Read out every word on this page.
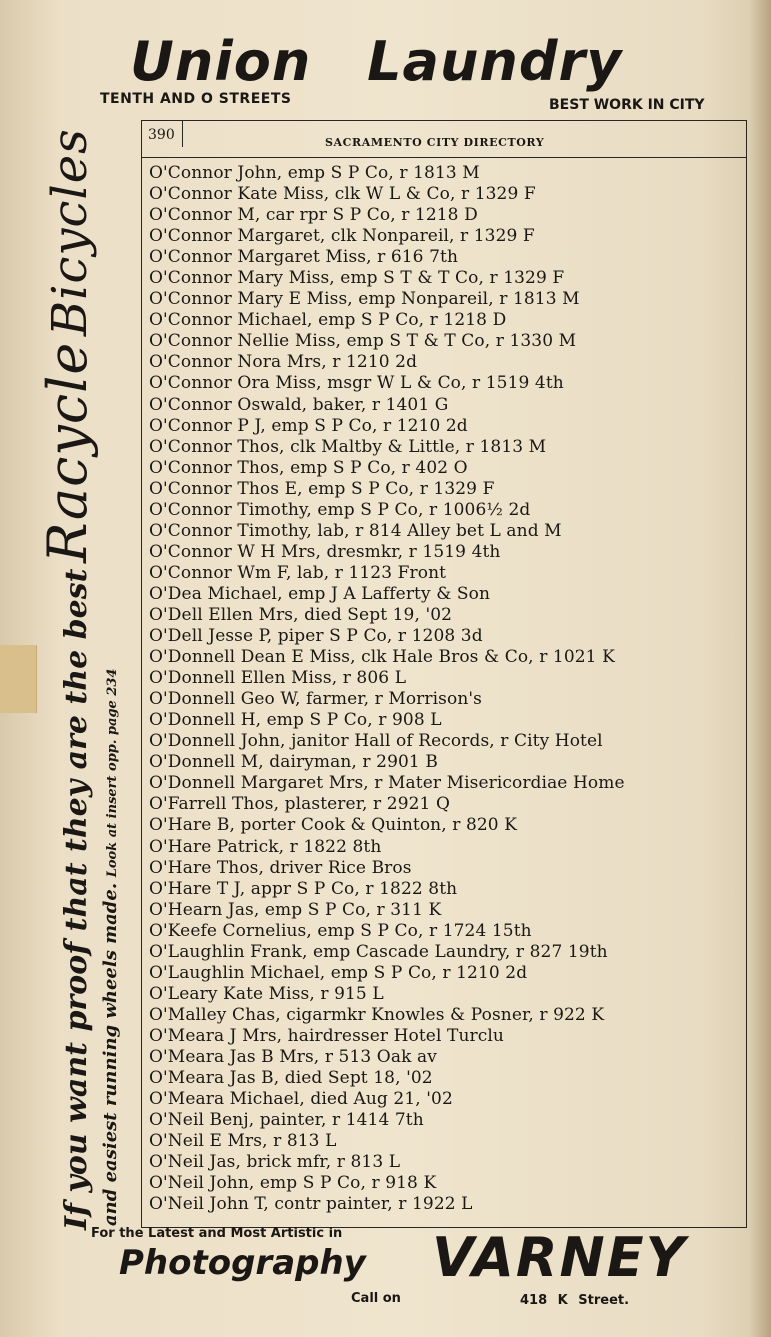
Union Laundry
TENTH AND O STREETS	BEST WORK IN CITY
If you want proof that they are the best Racycle Bicycles
and easiest running wheels made. Look at insert opp. page 234
390	SACRAMENTO CITY DIRECTORY
O'Connor John, emp S P Co, r 1813 M
O'Connor Kate Miss, clk W L & Co, r 1329 F
O'Connor M, car rpr S P Co, r 1218 D
O'Connor Margaret, clk Nonpareil, r 1329 F
O'Connor Margaret Miss, r 616 7th
O'Connor Mary Miss, emp S T & T Co, r 1329 F
O'Connor Mary E Miss, emp Nonpareil, r 1813 M
O'Connor Michael, emp S P Co, r 1218 D
O'Connor Nellie Miss, emp S T & T Co, r 1330 M
O'Connor Nora Mrs, r 1210 2d
O'Connor Ora Miss, msgr W L & Co, r 1519 4th
O'Connor Oswald, baker, r 1401 G
O'Connor P J, emp S P Co, r 1210 2d
O'Connor Thos, clk Maltby & Little, r 1813 M
O'Connor Thos, emp S P Co, r 402 O
O'Connor Thos E, emp S P Co, r 1329 F
O'Connor Timothy, emp S P Co, r 1006½ 2d
O'Connor Timothy, lab, r 814 Alley bet L and M
O'Connor W H Mrs, dresmkr, r 1519 4th
O'Connor Wm F, lab, r 1123 Front
O'Dea Michael, emp J A Lafferty & Son
O'Dell Ellen Mrs, died Sept 19, '02
O'Dell Jesse P, piper S P Co, r 1208 3d
O'Donnell Dean E Miss, clk Hale Bros & Co, r 1021 K
O'Donnell Ellen Miss, r 806 L
O'Donnell Geo W, farmer, r Morrison's
O'Donnell H, emp S P Co, r 908 L
O'Donnell John, janitor Hall of Records, r City Hotel
O'Donnell M, dairyman, r 2901 B
O'Donnell Margaret Mrs, r Mater Misericordiae Home
O'Farrell Thos, plasterer, r 2921 Q
O'Hare B, porter Cook & Quinton, r 820 K
O'Hare Patrick, r 1822 8th
O'Hare Thos, driver Rice Bros
O'Hare T J, appr S P Co, r 1822 8th
O'Hearn Jas, emp S P Co, r 311 K
O'Keefe Cornelius, emp S P Co, r 1724 15th
O'Laughlin Frank, emp Cascade Laundry, r 827 19th
O'Laughlin Michael, emp S P Co, r 1210 2d
O'Leary Kate Miss, r 915 L
O'Malley Chas, cigarmkr Knowles & Posner, r 922 K
O'Meara J Mrs, hairdresser Hotel Turclu
O'Meara Jas B Mrs, r 513 Oak av
O'Meara Jas B, died Sept 18, '02
O'Meara Michael, died Aug 21, '02
O'Neil Benj, painter, r 1414 7th
O'Neil E Mrs, r 813 L
O'Neil Jas, brick mfr, r 813 L
O'Neil John, emp S P Co, r 918 K
O'Neil John T, contr painter, r 1922 L
For the Latest and Most Artistic in
Photography VARNEY
Call on	418 K Street.
